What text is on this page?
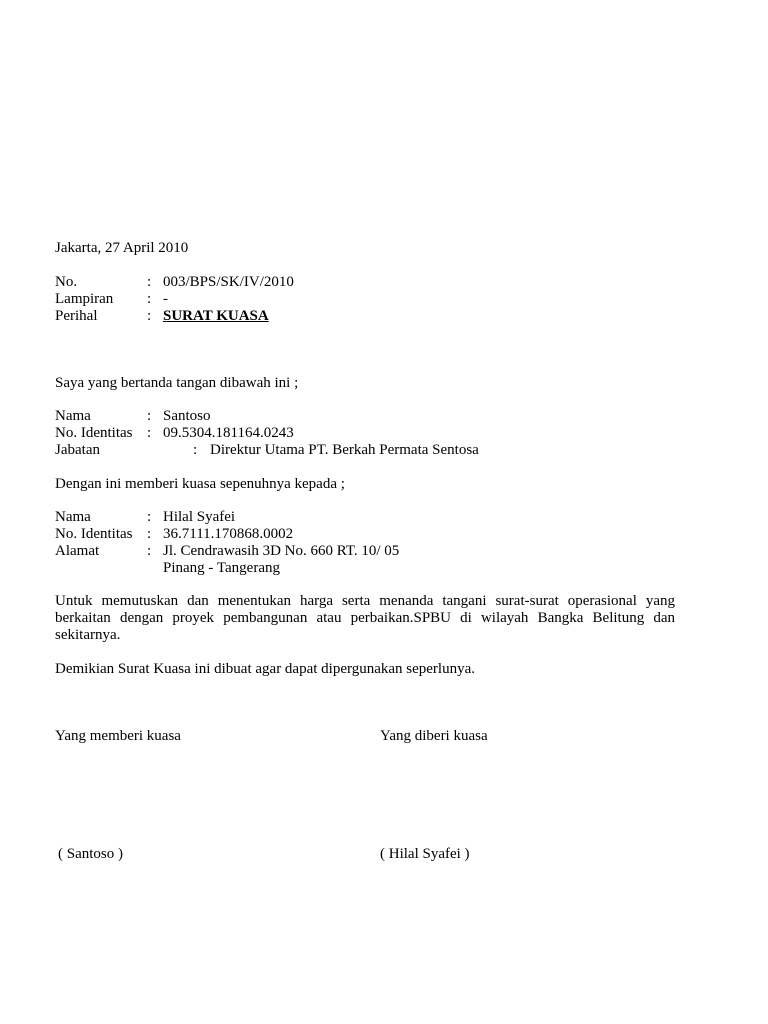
Jakarta, 27 April 2010
No.	: 003/BPS/SK/IV/2010
Lampiran : -
Perihal	: SURAT KUASA
Saya yang bertanda tangan dibawah ini ;
Nama	: Santoso
No. Identitas : 09.5304.181164.0243
Jabatan	: Direktur Utama PT. Berkah Permata Sentosa
Dengan ini memberi kuasa sepenuhnya kepada ;
Nama	: Hilal Syafei
No. Identitas : 36.7111.170868.0002
Alamat	: Jl. Cendrawasih 3D No. 660 RT. 10/ 05
Pinang - Tangerang
Untuk memutuskan dan menentukan harga serta menanda tangani surat-surat operasional yang berkaitan dengan proyek pembangunan atau perbaikan.SPBU di wilayah Bangka Belitung dan sekitarnya.
Demikian Surat Kuasa ini dibuat agar dapat dipergunakan seperlunya.
Yang memberi kuasa	Yang diberi kuasa
( Santoso )	( Hilal Syafei )
